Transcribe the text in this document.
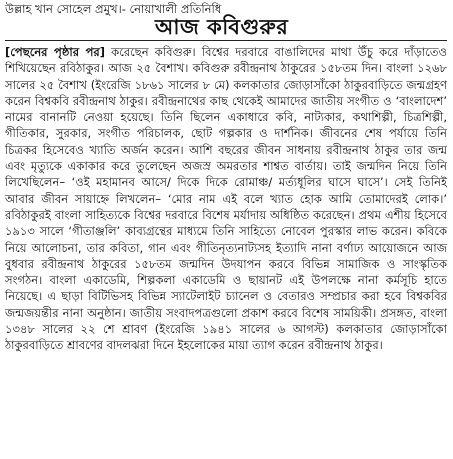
উল্লাহ খান সোহেল প্রমুখ।- নোয়াখালী প্রতিনিধি
আজ কবিগুরুর
[পেছনের পৃষ্ঠার পর] করেছেন কবিগুরু। বিশ্বের দরবারে বাঙালিদের মাথা উঁচু করে দাঁড়াতেও শিখিয়েছেন রবিঠাকুর। আজ ২৫ বৈশাখ। কবিগুরু রবীন্দ্রনাথ ঠাকুরের ১৫৮তম দিন। বাংলা ১২৬৮ সালের ২৫ বৈশাখ (ইংরেজি ১৮৬১ সালের ৮ মে) কলকাতার জোড়াসাঁকো ঠাকুরবাড়িতে জন্মগ্রহণ করেন বিশ্বকবি রবীন্দ্রনাথ ঠাকুর। রবীন্দ্রনাথের কাছ থেকেই আমাদের জাতীয় সংগীত ও ‘বাংলাদেশ’ নামের বানানটি নেওয়া হয়েছে। তিনি ছিলেন একাধারে কবি, নাট্যকার, কথাশিল্পী, চিত্রশিল্পী, গীতিকার, সুরকার, সংগীত পরিচালক, ছোট গল্পকার ও দার্শনিক। জীবনের শেষ পর্যায়ে তিনি চিত্রকর হিসেবেও খ্যাতি অর্জন করেন। আশি বছরের জীবন সাধনায় রবীন্দ্রনাথ ঠাকুর তার জন্ম এবং মৃত্যুকে একাকার করে তুলেছেন অজস্র অমরতার শাশ্বত বার্তায়। তাই জন্মদিন নিয়ে তিনি লিখেছিলেন– ‘ওই মহামানব আসে/ দিকে দিকে রোমাঞ্চ/ মর্ত্যধূলির ঘাসে ঘাসে’। সেই তিনিই আবার জীবন সায়াহ্নে লিখলেন– ‘মোর নাম এই বলে খ্যাত হোক আমি তোমাদেরই লোক।’ রবিঠাকুরই বাংলা সাহিত্যকে বিশ্বের দরবারে বিশেষ মর্যাদায় অধিষ্ঠিত করেছেন। প্রথম এশীয় হিসেবে ১৯১৩ সালে ‘গীতাঞ্জলি’ কাব্যগ্রন্থের মাধ্যমে তিনি সাহিত্যে নোবেল পুরস্কার লাভ করেন। কবিকে নিয়ে আলোচনা, তার কবিতা, গান এবং গীতিনৃত্যনাট্যসহ ইত্যাদি নানা বর্ণাঢ্য আয়োজনে আজ বুধবার রবীন্দ্রনাথ ঠাকুরের ১৫৮তম জন্মদিন উদযাপন করবে বিভিন্ন সামাজিক ও সাংস্কৃতিক সংগঠন। বাংলা একাডেমি, শিল্পকলা একাডেমি ও ছায়ানট এই উপলক্ষে নানা কর্মসূচি হাতে নিয়েছে। এ ছাড়া বিটিভিসহ বিভিন্ন স্যাটেলাইট চ্যানেল ও বেতারও সম্প্রচার করা হবে বিশ্বকবির জন্মজয়ন্তীর নানা অনুষ্ঠান। জাতীয় সংবাদপত্রগুলো প্রকাশ করবে বিশেষ সাময়িকী। প্রসঙ্গত, বাংলা ১৩৪৮ সালের ২২ শে শ্রাবণ (ইংরেজি ১৯৪১ সালের ৬ আগস্ট) কলকাতার জোড়াসাঁকো ঠাকুরবাড়িতে শ্রাবণের বাদলঝরা দিনে ইহলোকের মায়া ত্যাগ করেন রবীন্দ্রনাথ ঠাকুর।
